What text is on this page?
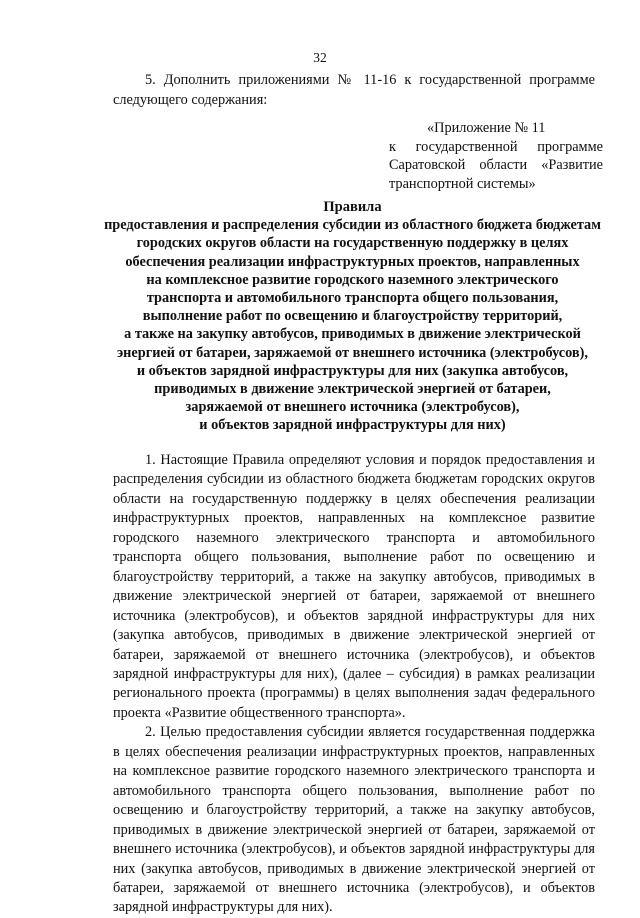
32
5. Дополнить приложениями № 11-16 к государственной программе следующего содержания:
«Приложение № 11
к государственной программе Саратовской области «Развитие транспортной системы»
Правила
предоставления и распределения субсидии из областного бюджета бюджетам
городских округов области на государственную поддержку в целях
обеспечения реализации инфраструктурных проектов, направленных
на комплексное развитие городского наземного электрического
транспорта и автомобильного транспорта общего пользования,
выполнение работ по освещению и благоустройству территорий,
а также на закупку автобусов, приводимых в движение электрической
энергией от батареи, заряжаемой от внешнего источника (электробусов),
и объектов зарядной инфраструктуры для них (закупка автобусов,
приводимых в движение электрической энергией от батареи,
заряжаемой от внешнего источника (электробусов),
и объектов зарядной инфраструктуры для них)

1. Настоящие Правила определяют условия и порядок предоставления и распределения субсидии из областного бюджета бюджетам городских округов области на государственную поддержку в целях обеспечения реализации инфраструктурных проектов, направленных на комплексное развитие городского наземного электрического транспорта и автомобильного транспорта общего пользования, выполнение работ по освещению и благоустройству территорий, а также на закупку автобусов, приводимых в движение электрической энергией от батареи, заряжаемой от внешнего источника (электробусов), и объектов зарядной инфраструктуры для них (закупка автобусов, приводимых в движение электрической энергией от батареи, заряжаемой от внешнего источника (электробусов), и объектов зарядной инфраструктуры для них), (далее – субсидия) в рамках реализации регионального проекта (программы) в целях выполнения задач федерального проекта «Развитие общественного транспорта».

2. Целью предоставления субсидии является государственная поддержка в целях обеспечения реализации инфраструктурных проектов, направленных на комплексное развитие городского наземного электрического транспорта и автомобильного транспорта общего пользования, выполнение работ по освещению и благоустройству территорий, а также на закупку автобусов, приводимых в движение электрической энергией от батареи, заряжаемой от внешнего источника (электробусов), и объектов зарядной инфраструктуры для них (закупка автобусов, приводимых в движение электрической энергией от батареи, заряжаемой от внешнего источника (электробусов), и объектов зарядной инфраструктуры для них).
